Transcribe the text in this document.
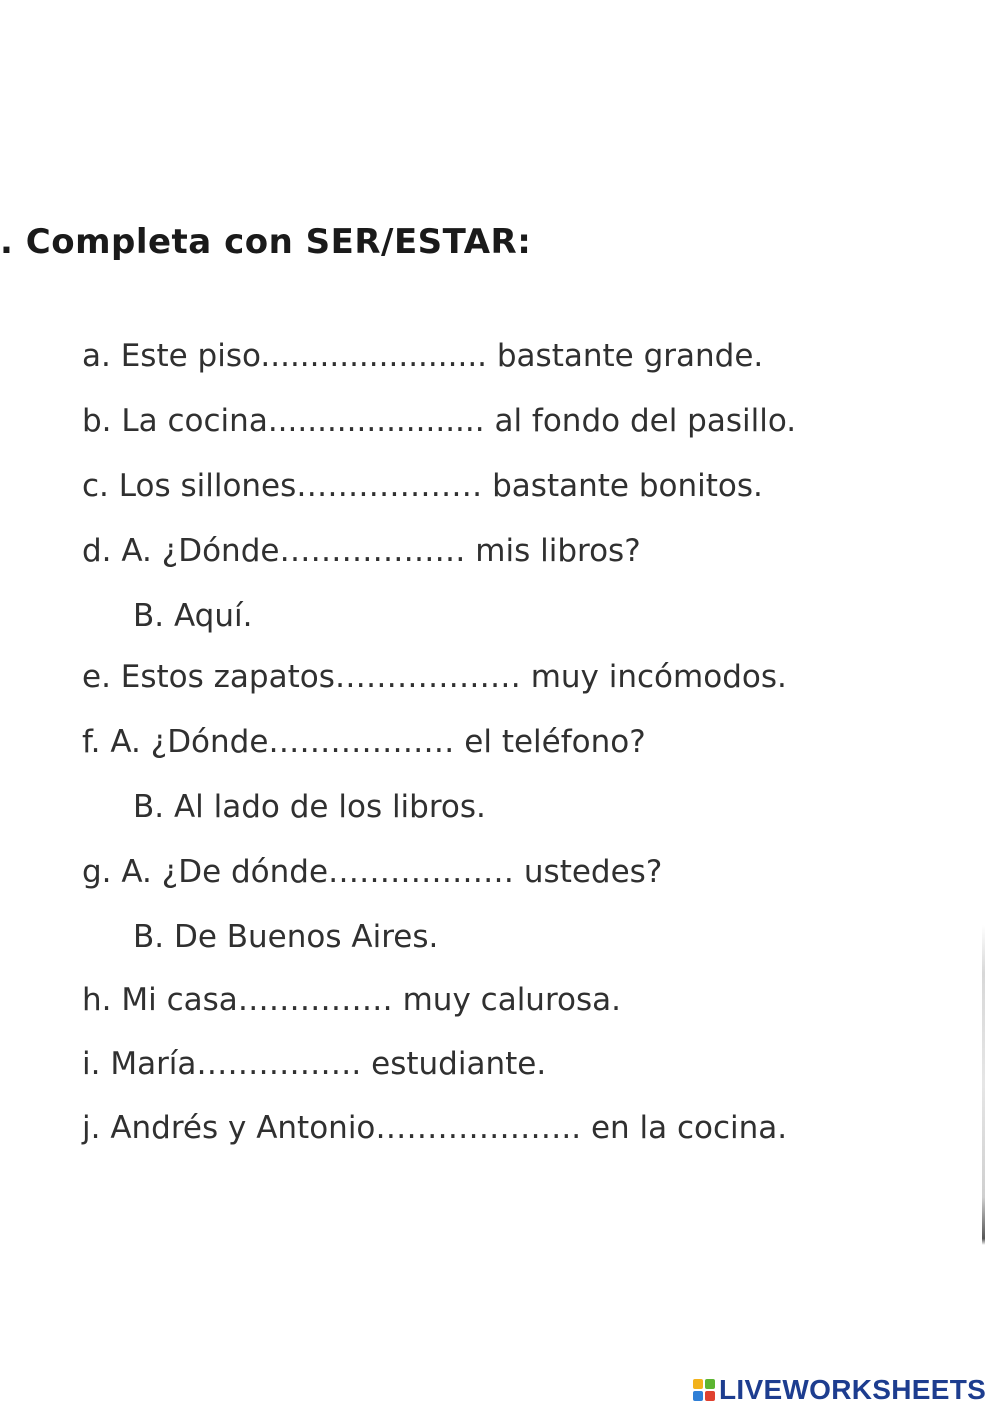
. Completa con SER/ESTAR:
a. Este piso....................... bastante grande.
b. La cocina...................... al fondo del pasillo.
c. Los sillones……………… bastante bonitos.
d. A. ¿Dónde……………… mis libros?
B. Aquí.
e. Estos zapatos……………… muy incómodos.
f. A. ¿Dónde……………… el teléfono?
B. Al lado de los libros.
g. A. ¿De dónde……………… ustedes?
B. De Buenos Aires.
h. Mi casa…………… muy calurosa.
i. María……………. estudiante.
j. Andrés y Antonio……………….. en la cocina.
LIVEWORKSHEETS
